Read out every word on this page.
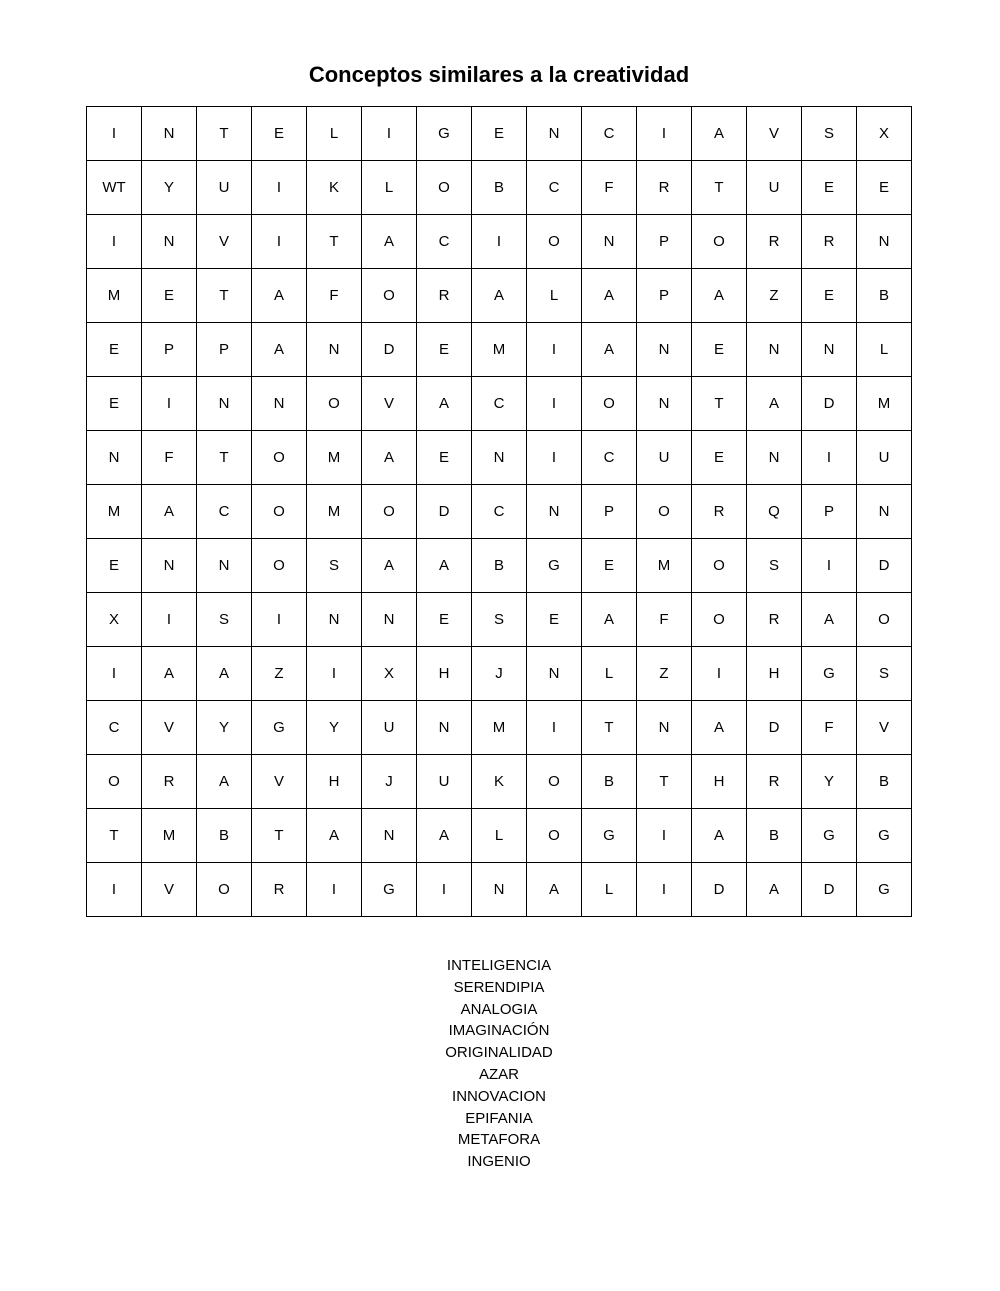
Conceptos similares a la creatividad
I	N	T	E	L	I	G	E	N	C	I	A	V	S	X
WT	Y	U	I	K	L	O	B	C	F	R	T	U	E	E
I	N	V	I	T	A	C	I	O	N	P	O	R	R	N
M	E	T	A	F	O	R	A	L	A	P	A	Z	E	B
E	P	P	A	N	D	E	M	I	A	N	E	N	N	L
E	I	N	N	O	V	A	C	I	O	N	T	A	D	M
N	F	T	O	M	A	E	N	I	C	U	E	N	I	U
M	A	C	O	M	O	D	C	N	P	O	R	Q	P	N
E	N	N	O	S	A	A	B	G	E	M	O	S	I	D
X	I	S	I	N	N	E	S	E	A	F	O	R	A	O
I	A	A	Z	I	X	H	J	N	L	Z	I	H	G	S
C	V	Y	G	Y	U	N	M	I	T	N	A	D	F	V
O	R	A	V	H	J	U	K	O	B	T	H	R	Y	B
T	M	B	T	A	N	A	L	O	G	I	A	B	G	G
I	V	O	R	I	G	I	N	A	L	I	D	A	D	G
INTELIGENCIA
SERENDIPIA
ANALOGIA
IMAGINACIÓN
ORIGINALIDAD
AZAR
INNOVACION
EPIFANIA
METAFORA
INGENIO
